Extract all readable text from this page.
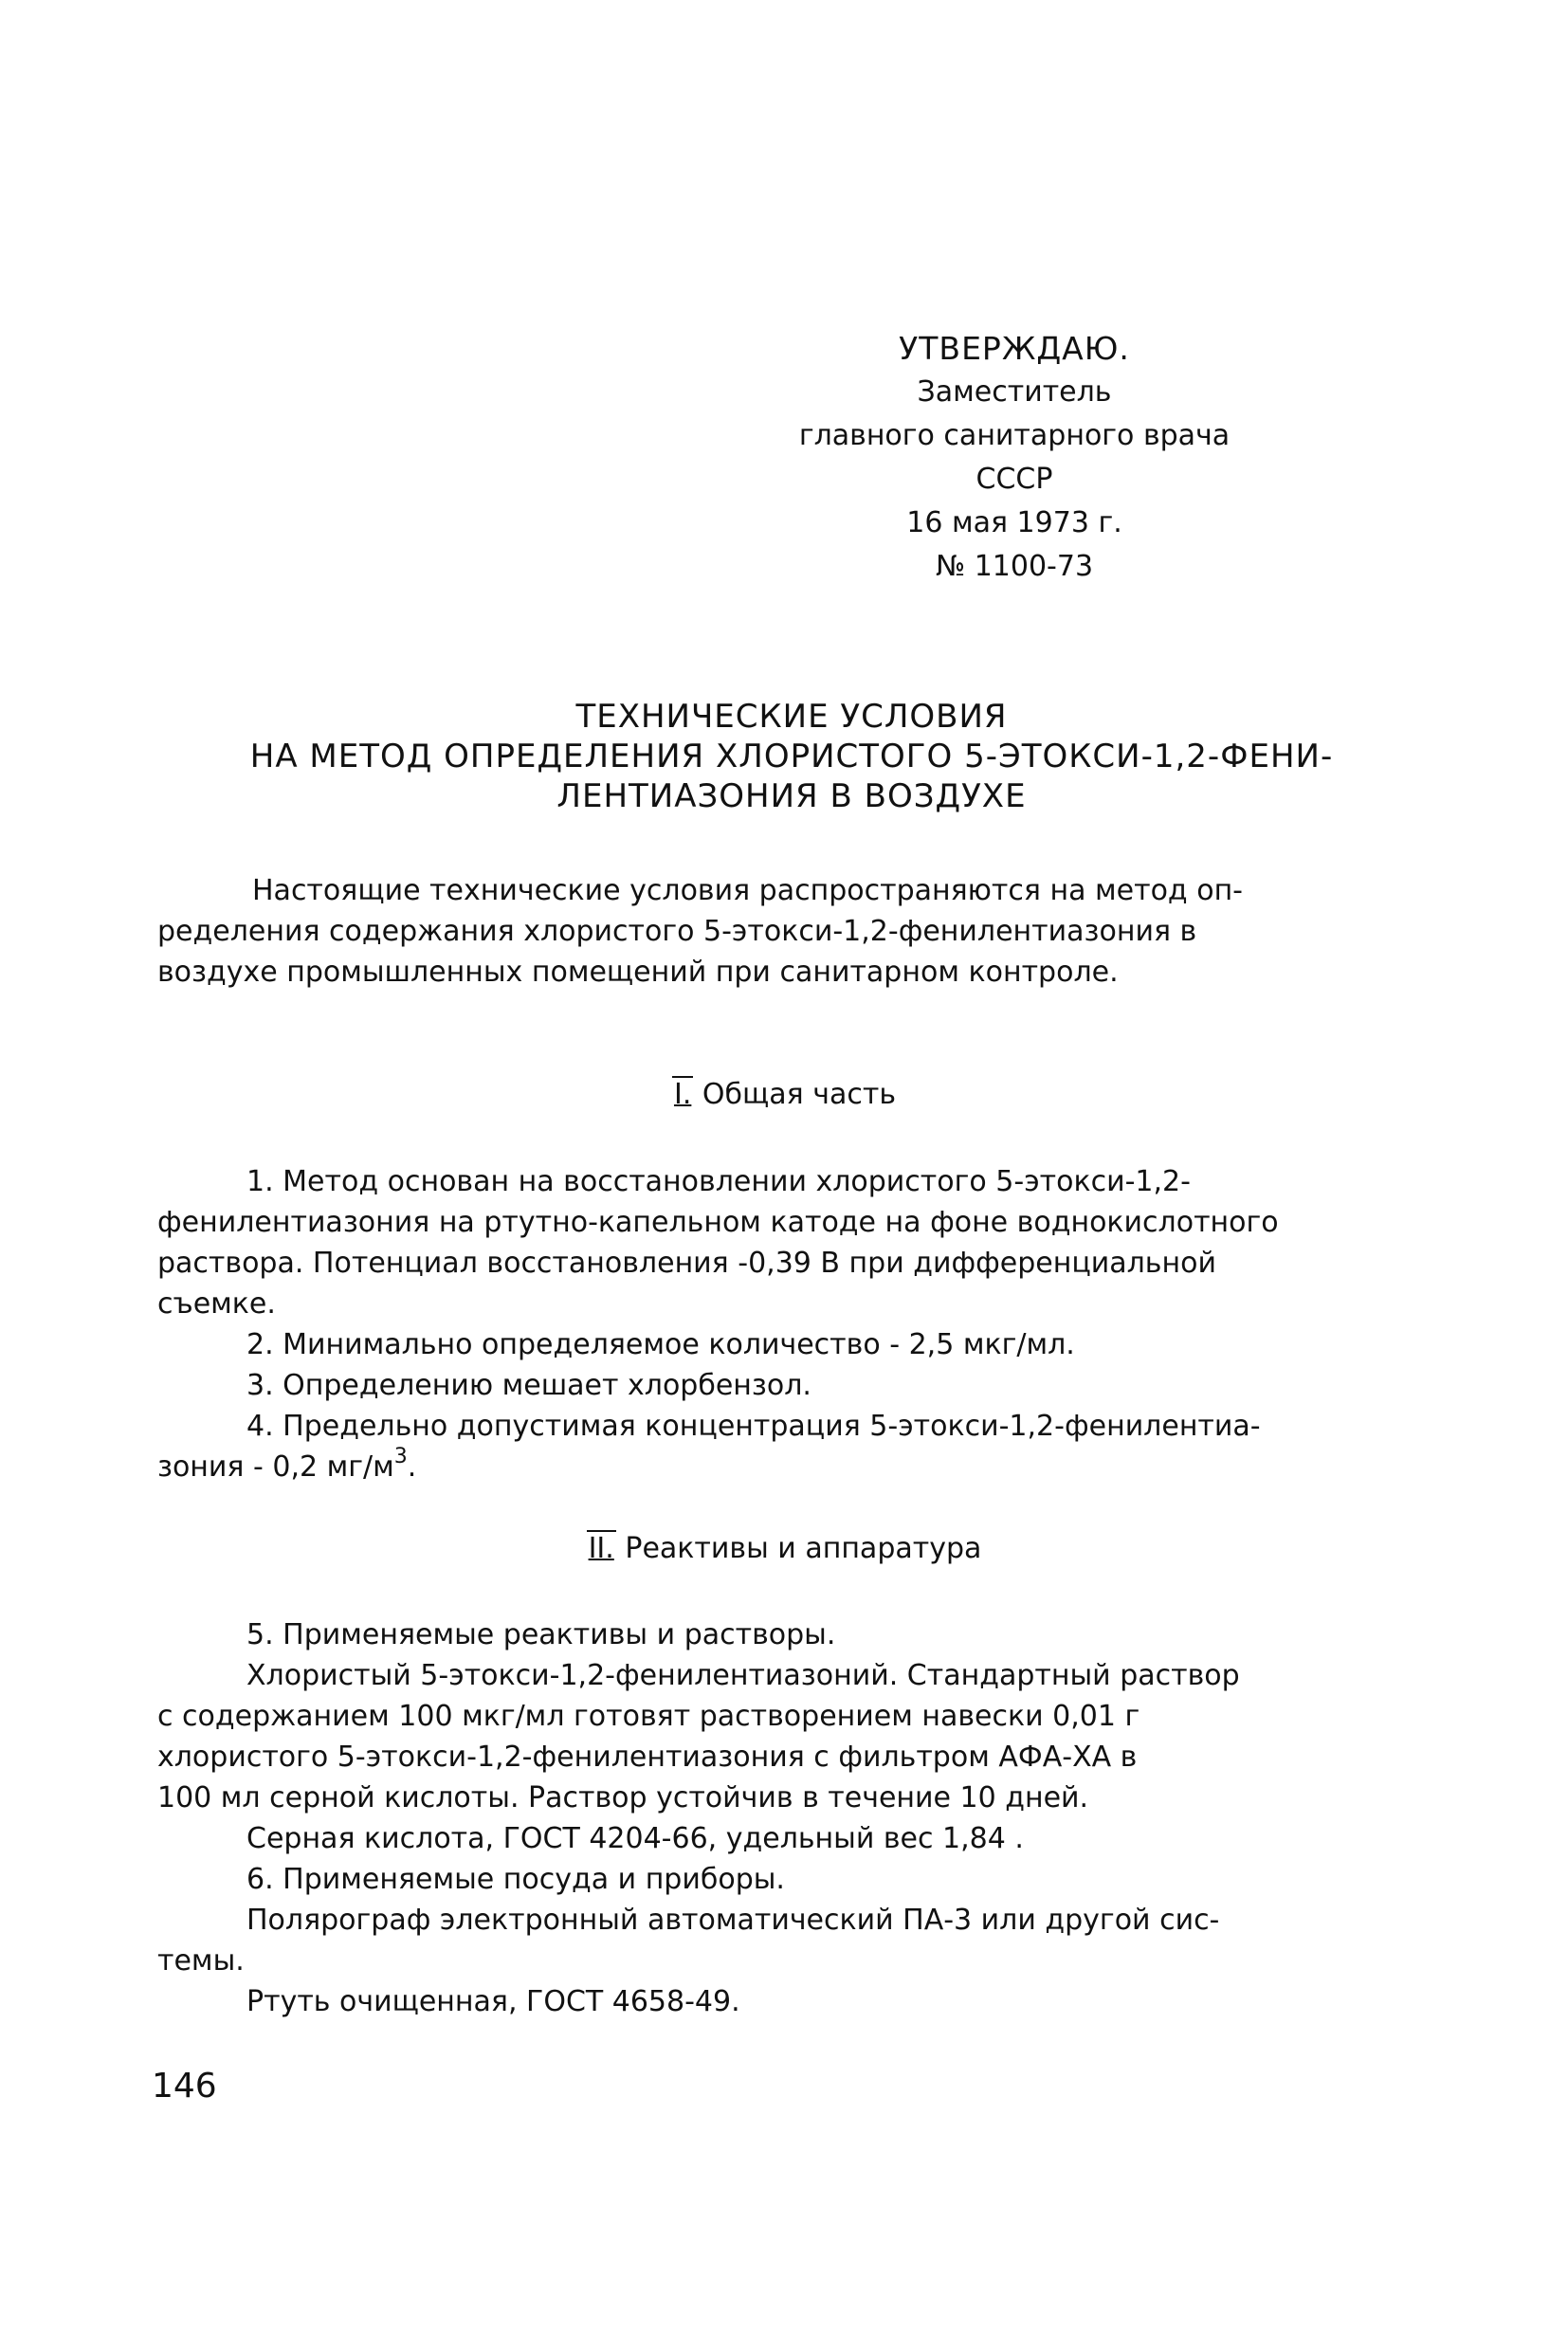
УТВЕРЖДАЮ.
Заместитель
главного санитарного врача
СССР
16 мая 1973 г.
№ 1100-73
ТЕХНИЧЕСКИЕ УСЛОВИЯ
НА МЕТОД ОПРЕДЕЛЕНИЯ ХЛОРИСТОГО 5-ЭТОКСИ-1,2-ФЕНИ-
ЛЕНТИАЗОНИЯ В ВОЗДУХЕ
Настоящие технические условия распространяются на метод оп-
ределения содержания хлористого 5-этокси-1,2-фенилентиазония в
воздухе промышленных помещений при санитарном контроле.
I. Общая часть
1. Метод основан на восстановлении хлористого 5-этокси-1,2-
фенилентиазония на ртутно-капельном катоде на фоне воднокислотного
раствора. Потенциал восстановления -0,39 В при дифференциальной
съемке.
2. Минимально определяемое количество - 2,5 мкг/мл.
3. Определению мешает хлорбензол.
4. Предельно допустимая концентрация 5-этокси-1,2-фенилентиа-
зония - 0,2 $мг/м^3$.
II. Реактивы и аппаратура
5. Применяемые реактивы и растворы.
Хлористый 5-этокси-1,2-фенилентиазоний. Стандартный раствор
с содержанием 100 мкг/мл готовят растворением навески 0,01 г
хлористого 5-этокси-1,2-фенилентиазония с фильтром АФА-ХА в
100 мл серной кислоты. Раствор устойчив в течение 10 дней.
Серная кислота, ГОСТ 4204-66, удельный вес 1,84 .
6. Применяемые посуда и приборы.
Полярограф электронный автоматический ПА-3 или другой сис-
темы.
Ртуть очищенная, ГОСТ 4658-49.
146
